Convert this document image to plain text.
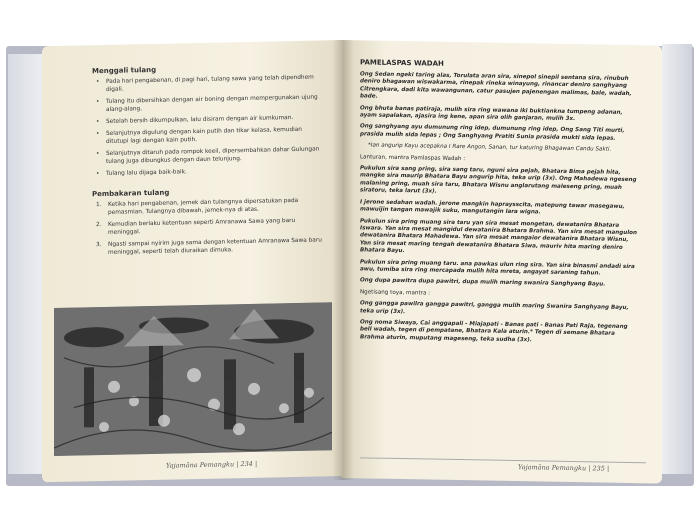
Menggali tulang
• Pada hari pengabenan, di pagi hari, tulang sawa yang telah dipendhem digali.
• Tulang itu dibersihkan dengan air boning dengan mempergunakan ujung alang-alang.
• Setelah bersih dikumpulkan, lalu disiram dengan air kumkuman.
• Selanjutnya digulung dengan kain putih dan tikar kelasa, kemudian ditutupi lagi dengan kain putih.
• Selanjutnya ditaruh pada rompok keeil, dipersembahkan dahar Gulungan tulang juga dibungkus dengan daun telunjung.
• Tulang lalu dijaga baik-baik.
Pembakaran tulang
1. Ketika hari pengabenan, jemek dan tulangnya dipersatukan pada pemasmian. Tulangnya dibawah, jemek-nya di atas.
2. Kemudian berlaku ketentuan seperti Amranawa Sawa yang baru meninggal.
3. Ngasti sampai nyirim juga sama dengan ketentuan Amranawa Sawa baru meninggal, seperti telah diuraikan dimuka.
Yajamāna Pemangku | 234 |
PAMELASPAS WADAH
Ong Sedan ngeki taring alas, Torulata aran sira, sinepol sinepil sentana sira, rinubuh deniro bhagawan wiswakarma, rinepak rineka winayung, rinancar deniro sanghyang Citrengkara, dadi kita wawangunan, catur pasujen pajenengan malimas, bale, wadah, bade.
Ong bhuta banas patiraja, mulih sira ring wawana iki buktiankna tumpeng adanan, ayam sapalakan, ajasira ing kene, apan sira olih ganjaran, mulih 3x.
Ong sanghyang ayu dumunung ring idep, dumunung ring idep, Ong Sang Titi murti, prasida mulih sida lepas ; Ong Sanghyang Pratiti Sunia prasida mukti sida lepas.
*Ian angurip Kayu acepakna I Rare Angon, Sanan, tur katuring Bhagawan Candu Sakti.
Lanturan, mantra Pamlaspas Wadah :
Pukulun sira sang pring, sira sang taru, nguni sira pejah, Bhatara Bima pejah hita, mangke sira maurip Bhatara Bayu angurip hita, teka urip (3x). Ong Mahadewa ngeseng malaning pring, muah sira taru, Bhatara Wisnu anglarutang maleseng pring, muah siratoru, teka larut (3x).
I jerone sedahan wadah. jerone mangkin hapraysscita, matepung tawar masegawu, mawuijin tangan mawajik suku, mangutangin lara wigna.
Pukulun sira pring muang sira taru yan sira mesat mongetan, dewatanira Bhatara Iswara. Yan sira mesat mangidul dewatanira Bhatara Brahma. Yan sira mesat mangulon dewatanira Bhatara Mahadewa. Yan sira mesat mangaior dewatanira Bhatara Wisnu, Yan sira mesat maring tengah dewatanira Bhatara Siwa, mauriv hita maring deniro Bhatara Bayu.
Pukulun sira pring muang taru. ana pawkas ulun ring sira. Yan sira binasmi andadi sira awu, tumiba sira ring mercapada mulih hita mreta, angayat saraning tahun.
Ong dupa pawitra dupa pawitri, dupa mulih maring swanira Sanghyang Bayu.
Ngetisang toya, mantra :
Ong gangga pawilra gangga pawitri, gangga mulih maring Swanira Sanghyang Bayu, teka urip (3x).
Ong noma Siwaya, Cai anggapali - Miajapati - Banas pati - Banas Pati Raja, tegenang bell wadah, tegen di pempatane, Bhatara Kala aturin.* Tegen di semane Bhatara Brahma aturin, muputang mageseng, teka sudha (3x).
Yajamāna Pemangku | 235 |
